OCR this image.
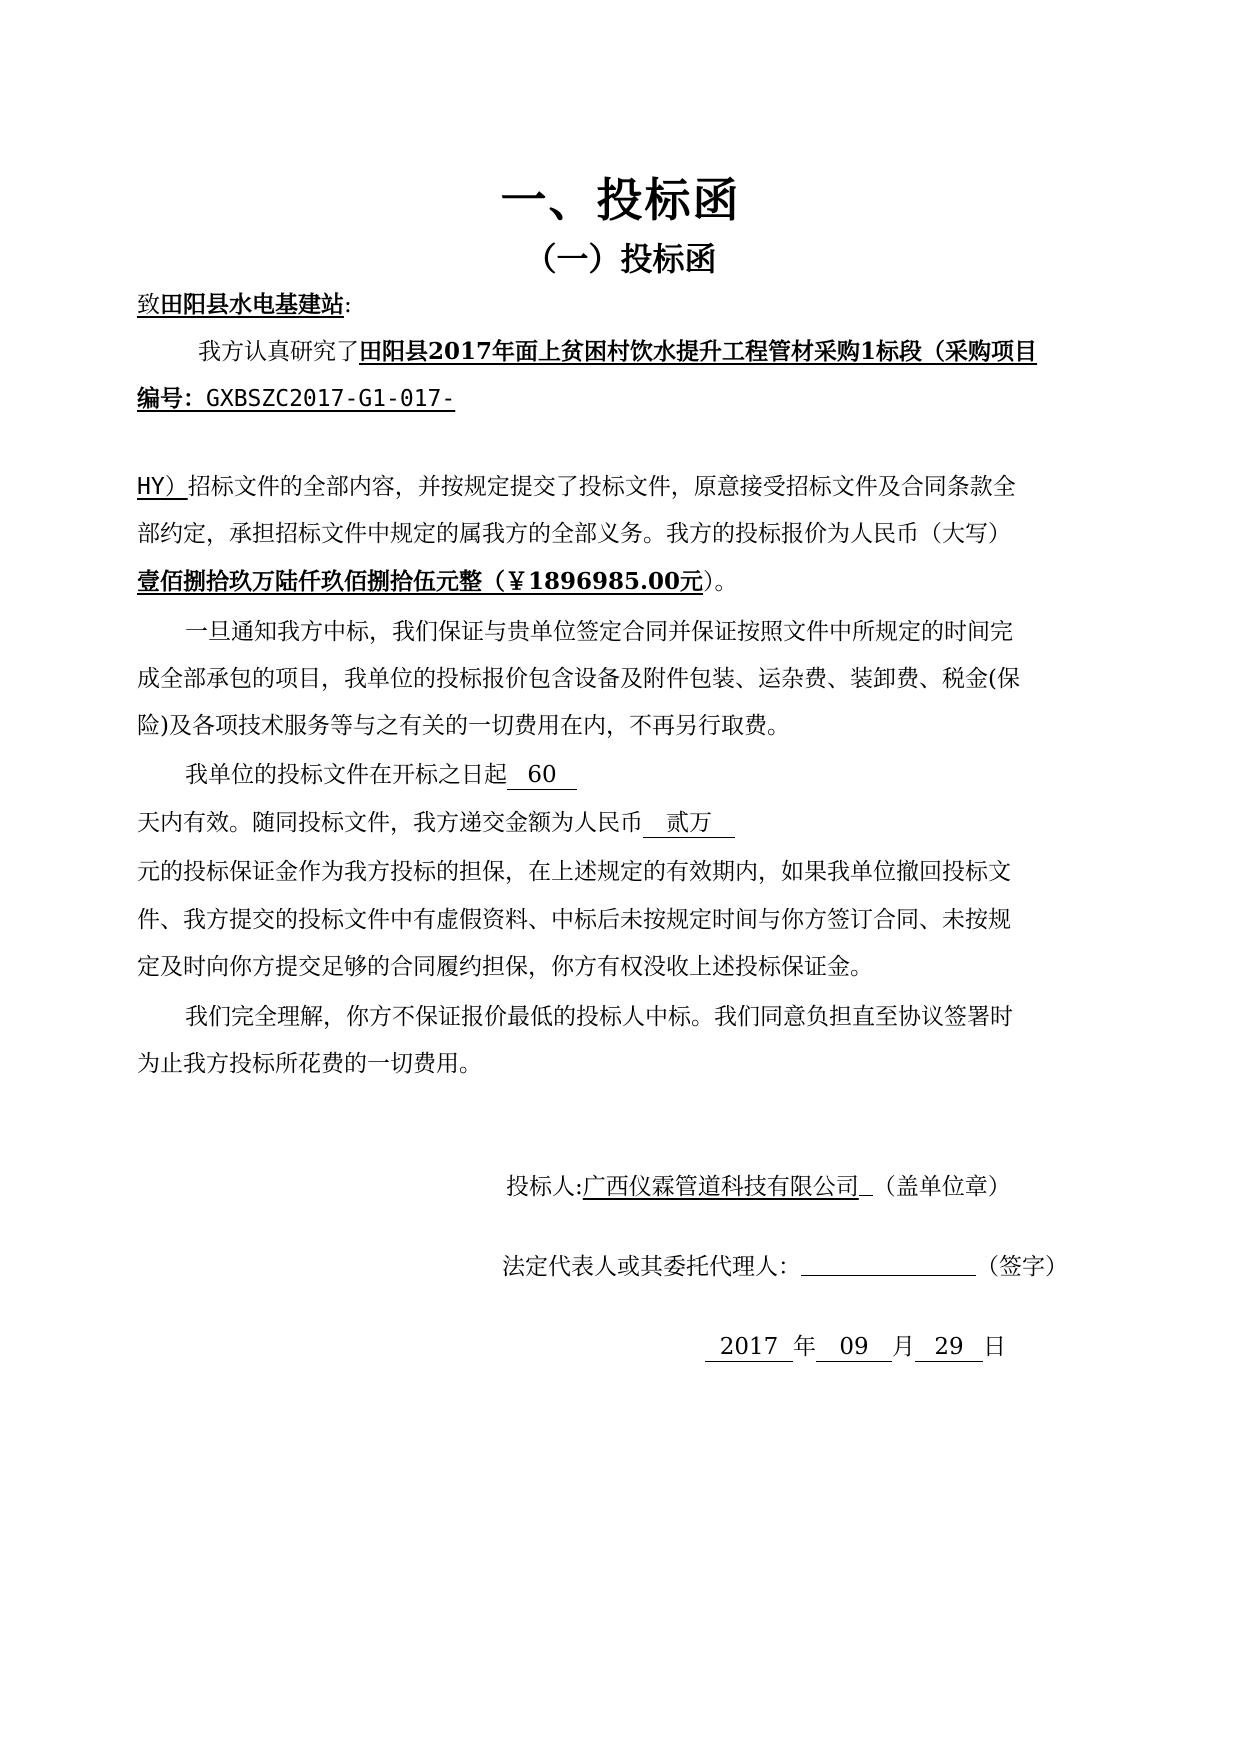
一、投标函
（一）投标函
致田阳县水电基建站:
我方认真研究了田阳县2017年面上贫困村饮水提升工程管材采购1标段（采购项目
编号：GXBSZC2017-G1-017-
HY）招标文件的全部内容，并按规定提交了投标文件，原意接受招标文件及合同条款全
部约定，承担招标文件中规定的属我方的全部义务。我方的投标报价为人民币（大写）
壹佰捌拾玖万陆仟玖佰捌拾伍元整（￥1896985.00元）。
一旦通知我方中标，我们保证与贵单位签定合同并保证按照文件中所规定的时间完
成全部承包的项目，我单位的投标报价包含设备及附件包装、运杂费、装卸费、税金(保
险)及各项技术服务等与之有关的一切费用在内，不再另行取费。
我单位的投标文件在开标之日起 60
天内有效。随同投标文件，我方递交金额为人民币 贰万
元的投标保证金作为我方投标的担保，在上述规定的有效期内，如果我单位撤回投标文
件、我方提交的投标文件中有虚假资料、中标后未按规定时间与你方签订合同、未按规
定及时向你方提交足够的合同履约担保，你方有权没收上述投标保证金。
我们完全理解，你方不保证报价最低的投标人中标。我们同意负担直至协议签署时
为止我方投标所花费的一切费用。
投标人:广西仪霖管道科技有限公司 （盖单位章）
法定代表人或其委托代理人：	（签字）
2017 年 09 月 29 日
